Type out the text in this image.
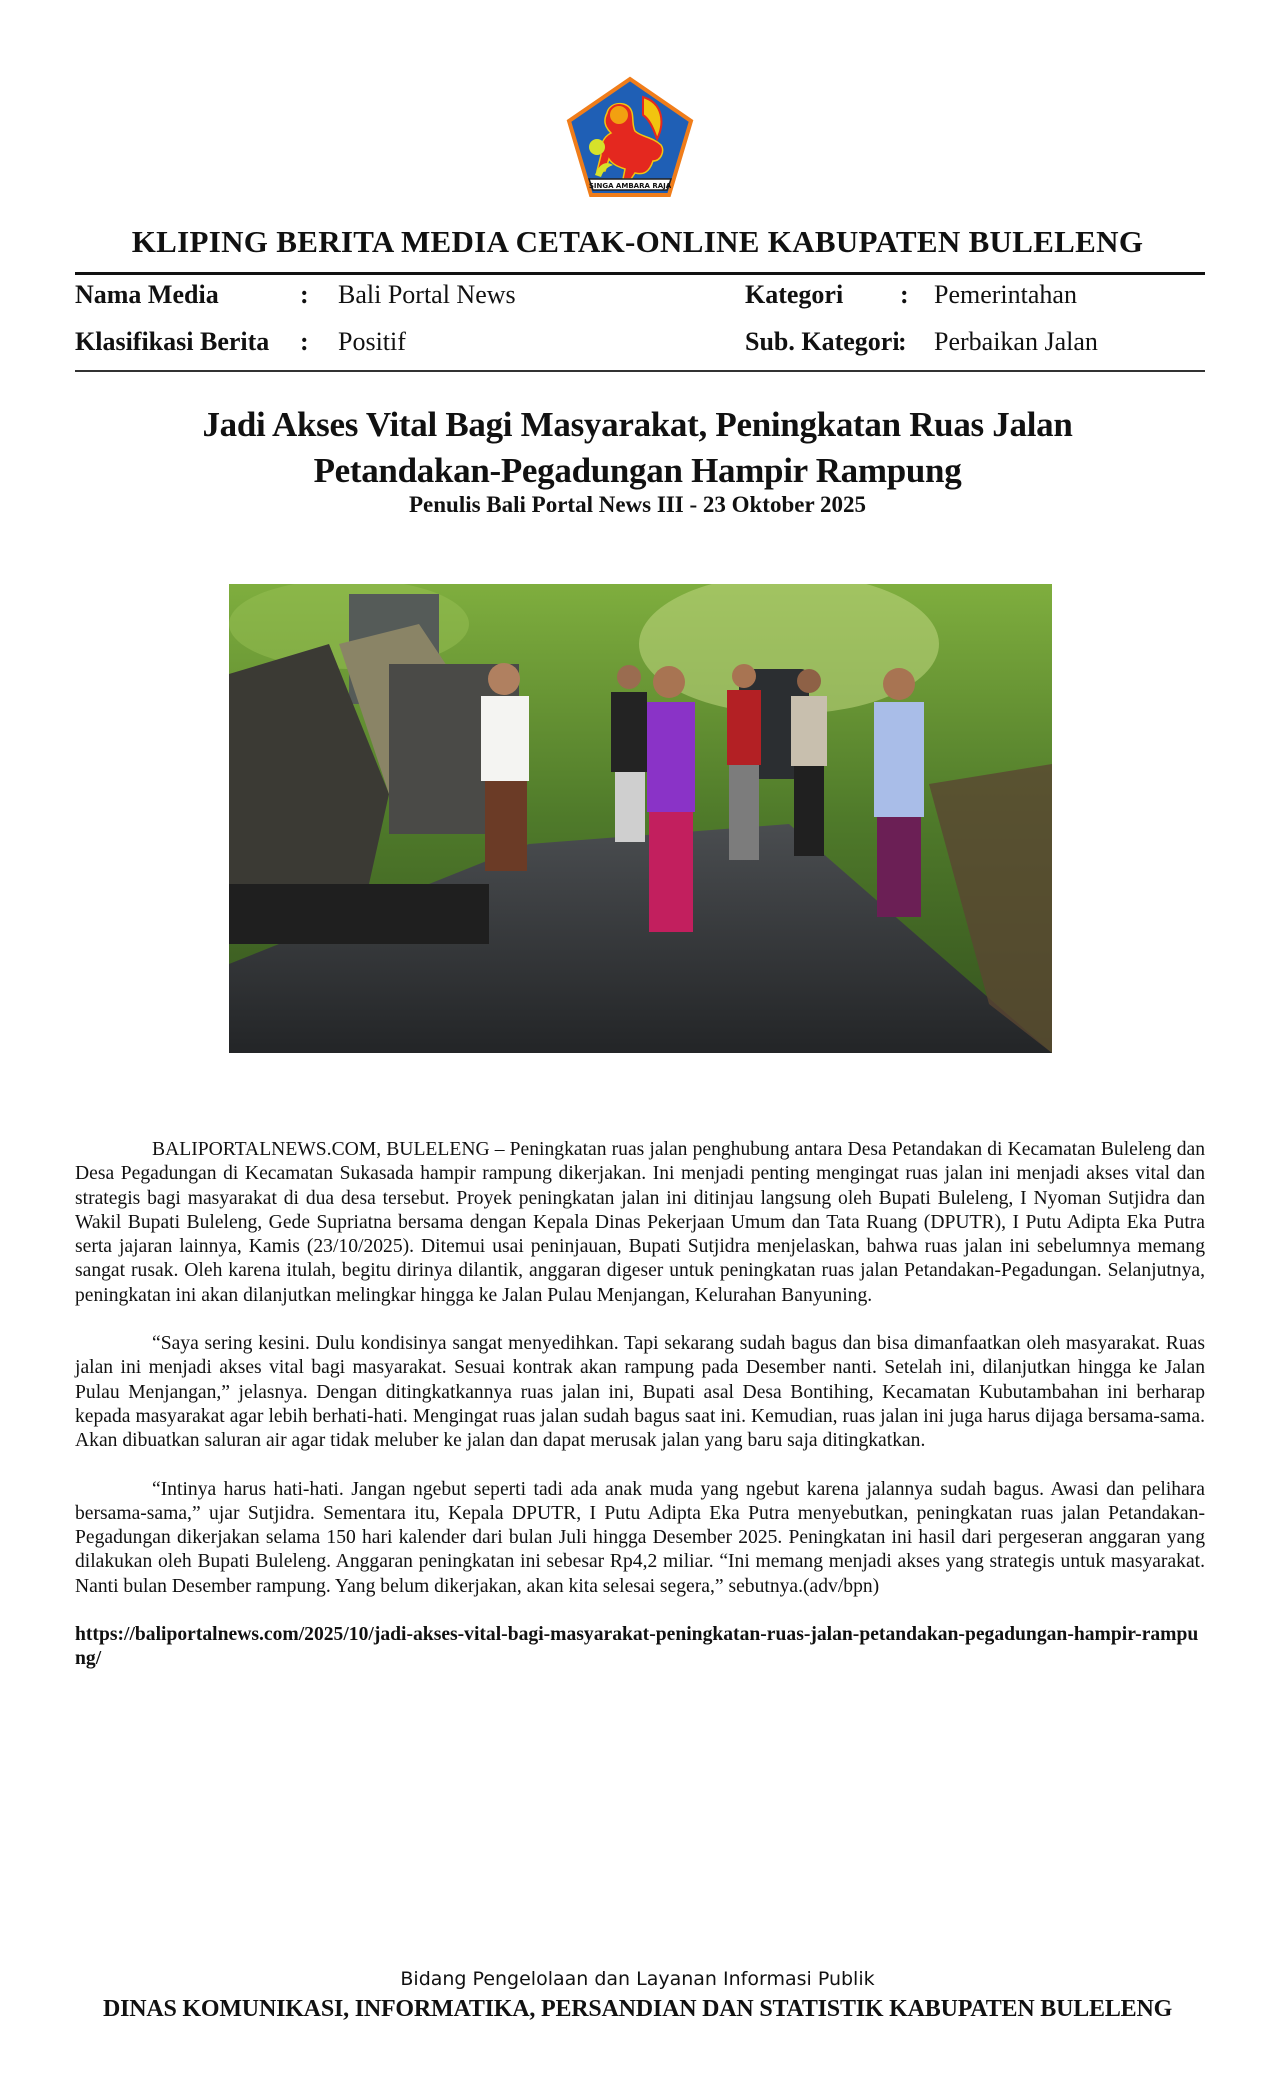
SINGA AMBARA RAJA
KLIPING BERITA MEDIA CETAK-ONLINE KABUPATEN BULELENG
Nama Media	: Bali Portal News
Klasifikasi Berita : Positif
Kategori : Pemerintahan
Sub. Kategori
: Perbaikan Jalan
Jadi Akses Vital Bagi Masyarakat, Peningkatan Ruas Jalan
Petandakan-Pegadungan Hampir Rampung
Penulis Bali Portal News III - 23 Oktober 2025

BALIPORTALNEWS.COM, BULELENG – Peningkatan ruas jalan penghubung antara Desa Petandakan di Kecamatan Buleleng dan Desa Pegadungan di Kecamatan Sukasada hampir rampung dikerjakan. Ini menjadi penting mengingat ruas jalan ini menjadi akses vital dan strategis bagi masyarakat di dua desa tersebut. Proyek peningkatan jalan ini ditinjau langsung oleh Bupati Buleleng, I Nyoman Sutjidra dan Wakil Bupati Buleleng, Gede Supriatna bersama dengan Kepala Dinas Pekerjaan Umum dan Tata Ruang (DPUTR), I Putu Adipta Eka Putra serta jajaran lainnya, Kamis (23/10/2025). Ditemui usai peninjauan, Bupati Sutjidra menjelaskan, bahwa ruas jalan ini sebelumnya memang sangat rusak. Oleh karena itulah, begitu dirinya dilantik, anggaran digeser untuk peningkatan ruas jalan Petandakan-Pegadungan. Selanjutnya, peningkatan ini akan dilanjutkan melingkar hingga ke Jalan Pulau Menjangan, Kelurahan Banyuning.

“Saya sering kesini. Dulu kondisinya sangat menyedihkan. Tapi sekarang sudah bagus dan bisa dimanfaatkan oleh masyarakat. Ruas jalan ini menjadi akses vital bagi masyarakat. Sesuai kontrak akan rampung pada Desember nanti. Setelah ini, dilanjutkan hingga ke Jalan Pulau Menjangan,” jelasnya. Dengan ditingkatkannya ruas jalan ini, Bupati asal Desa Bontihing, Kecamatan Kubutambahan ini berharap kepada masyarakat agar lebih berhati-hati. Mengingat ruas jalan sudah bagus saat ini. Kemudian, ruas jalan ini juga harus dijaga bersama-sama. Akan dibuatkan saluran air agar tidak meluber ke jalan dan dapat merusak jalan yang baru saja ditingkatkan.

“Intinya harus hati-hati. Jangan ngebut seperti tadi ada anak muda yang ngebut karena jalannya sudah bagus. Awasi dan pelihara bersama-sama,” ujar Sutjidra. Sementara itu, Kepala DPUTR, I Putu Adipta Eka Putra menyebutkan, peningkatan ruas jalan Petandakan-Pegadungan dikerjakan selama 150 hari kalender dari bulan Juli hingga Desember 2025. Peningkatan ini hasil dari pergeseran anggaran yang dilakukan oleh Bupati Buleleng. Anggaran peningkatan ini sebesar Rp4,2 miliar. “Ini memang menjadi akses yang strategis untuk masyarakat. Nanti bulan Desember rampung. Yang belum dikerjakan, akan kita selesai segera,” sebutnya.(adv/bpn)

https://baliportalnews.com/2025/10/jadi-akses-vital-bagi-masyarakat-peningkatan-ruas-jalan-petandakan-pegadungan-hampir-rampung/

Bidang Pengelolaan dan Layanan Informasi Publik
DINAS KOMUNIKASI, INFORMATIKA, PERSANDIAN DAN STATISTIK KABUPATEN BULELENG
